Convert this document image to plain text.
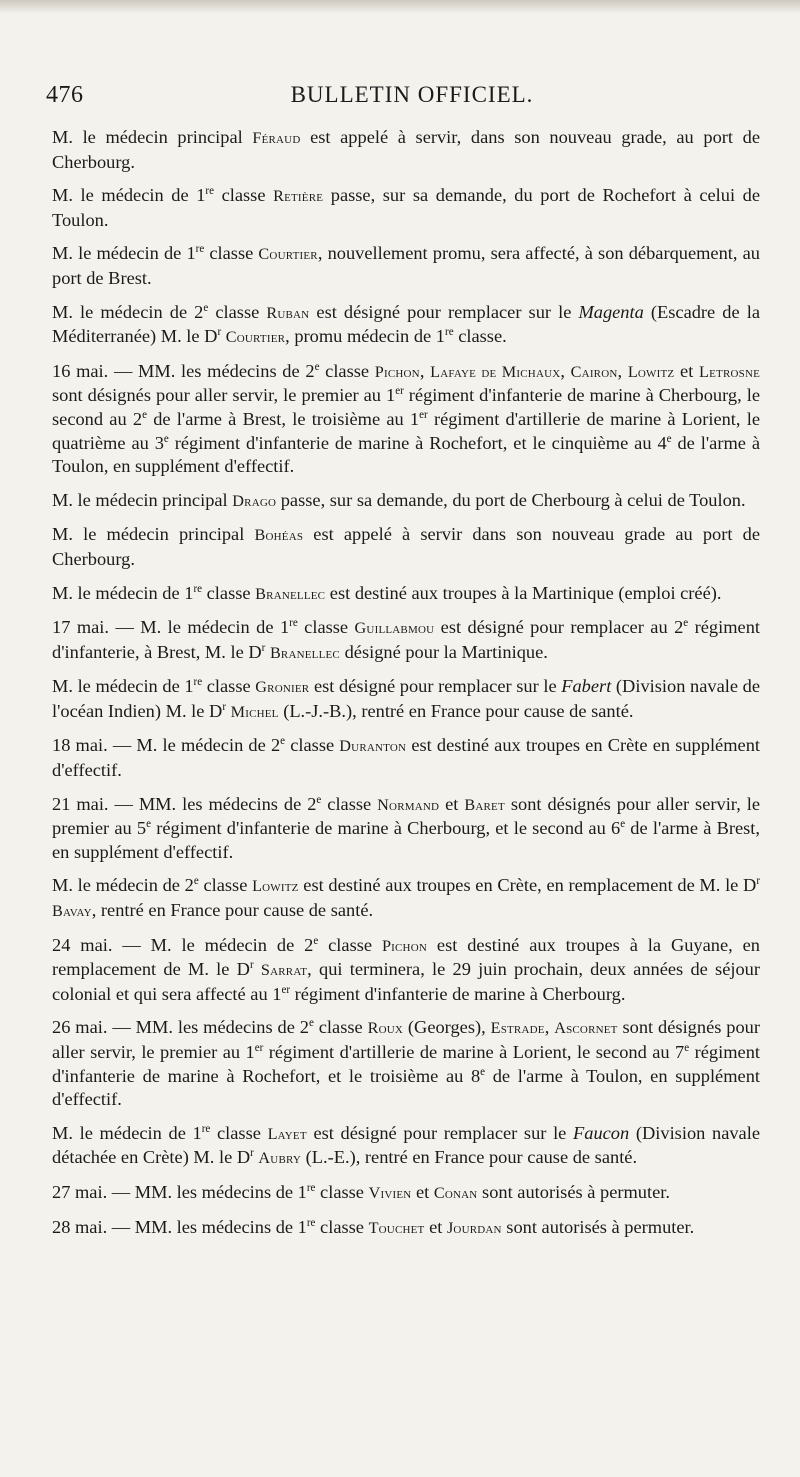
476	BULLETIN OFFICIEL.

M. le médecin principal Féraud est appelé à servir, dans son nouveau grade, au port de Cherbourg.

M. le médecin de 1re classe Retière passe, sur sa demande, du port de Rochefort à celui de Toulon.

M. le médecin de 1re classe Courtier, nouvellement promu, sera affecté, à son débarquement, au port de Brest.

M. le médecin de 2e classe Ruban est désigné pour remplacer sur le Magenta (Escadre de la Méditerranée) M. le $D^r$ Courtier, promu médecin de 1re classe.

16 mai. — MM. les médecins de 2e classe Pichon, Lafaye de Michaux, Cairon, Lowitz et Letrosne sont désignés pour aller servir, le premier au 1er régiment d'infanterie de marine à Cherbourg, le second au 2e de l'arme à Brest, le troisième au 1er régiment d'artillerie de marine à Lorient, le quatrième au 3e régiment d'infanterie de marine à Rochefort, et le cinquième au 4e de l'arme à Toulon, en supplément d'effectif.

M. le médecin principal Drago passe, sur sa demande, du port de Cherbourg à celui de Toulon.

M. le médecin principal Bohéas est appelé à servir dans son nouveau grade au port de Cherbourg.

M. le médecin de 1re classe Branellec est destiné aux troupes à la Martinique (emploi créé).

17 mai. — M. le médecin de 1re classe Guillabmou est désigné pour remplacer au 2e régiment d'infanterie, à Brest, M. le $D^r$ Branellec désigné pour la Martinique.

M. le médecin de 1re classe Gronier est désigné pour remplacer sur le Fabert (Division navale de l'océan Indien) M. le $D^r$ Michel (L.-J.-B.), rentré en France pour cause de santé.

18 mai. — M. le médecin de 2e classe Duranton est destiné aux troupes en Crète en supplément d'effectif.

21 mai. — MM. les médecins de 2e classe Normand et Baret sont désignés pour aller servir, le premier au 5e régiment d'infanterie de marine à Cherbourg, et le second au 6e de l'arme à Brest, en supplément d'effectif.

M. le médecin de 2e classe Lowitz est destiné aux troupes en Crète, en remplacement de M. le $D^r$ Bavay, rentré en France pour cause de santé.

24 mai. — M. le médecin de 2e classe Pichon est destiné aux troupes à la Guyane, en remplacement de M. le $D^r$ Sarrat, qui terminera, le 29 juin prochain, deux années de séjour colonial et qui sera affecté au 1er régiment d'infanterie de marine à Cherbourg.

26 mai. — MM. les médecins de 2e classe Roux (Georges), Estrade, Ascornet sont désignés pour aller servir, le premier au 1er régiment d'artillerie de marine à Lorient, le second au 7e régiment d'infanterie de marine à Rochefort, et le troisième au 8e de l'arme à Toulon, en supplément d'effectif.

M. le médecin de 1re classe Layet est désigné pour remplacer sur le Faucon (Division navale détachée en Crète) M. le $D^r$ Aubry (L.-E.), rentré en France pour cause de santé.

27 mai. — MM. les médecins de 1re classe Vivien et Conan sont autorisés à permuter.

28 mai. — MM. les médecins de 1re classe Touchet et Jourdan sont autorisés à permuter.
